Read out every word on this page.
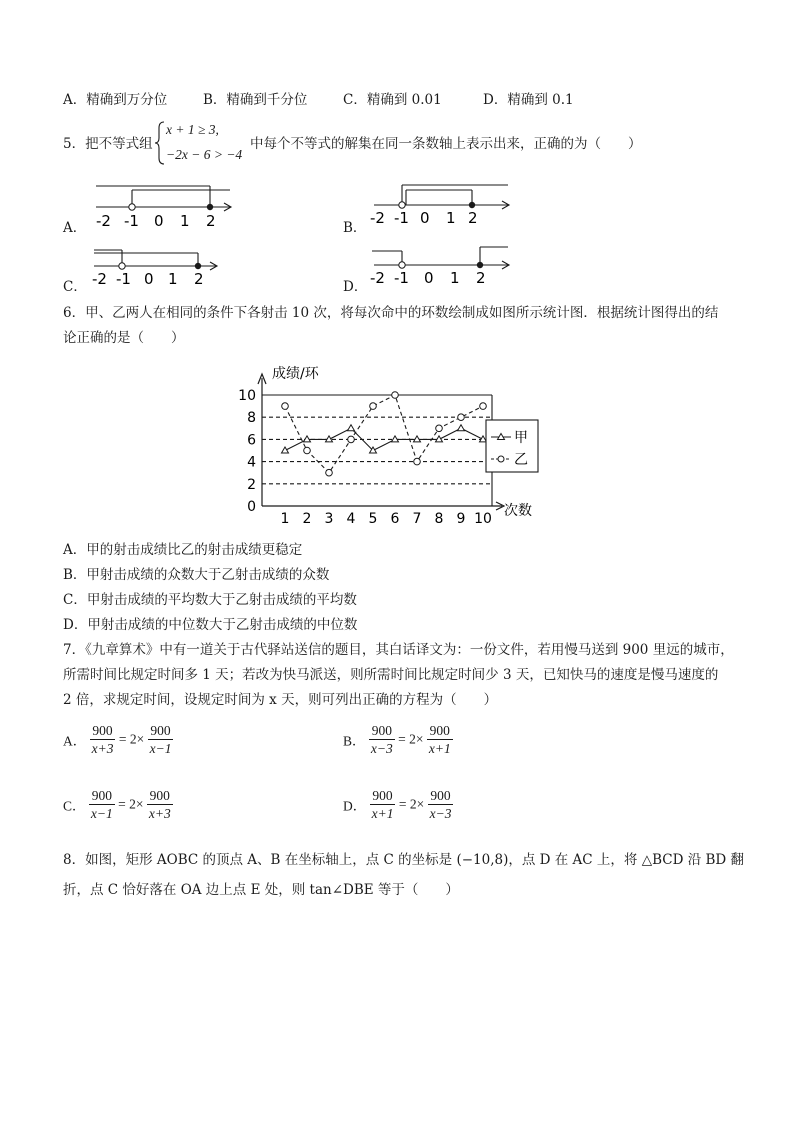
A．精确到万分位	B．精确到千分位	C．精确到 0.01	D．精确到 0.1
5．把不等式组
x + 1 ≥ 3,
−2x − 6 > −4
中每个不等式的解集在同一条数轴上表示出来，正确的为（　　）
A． -2 -1 0 1 2	B．
-2 -1 0 1 2
C． -2 -1 0 1 2	D． -2 -1 0 1 2
6．甲、乙两人在相同的条件下各射击 10 次，将每次命中的环数绘制成如图所示统计图．根据统计图得出的结
论正确的是（　　）
成绩/环
次数
0
2
4
6
8
10
1 2 3 4 5 6 7 8 9 10
甲
乙
A．甲的射击成绩比乙的射击成绩更稳定
B．甲射击成绩的众数大于乙射击成绩的众数
C．甲射击成绩的平均数大于乙射击成绩的平均数
D．甲射击成绩的中位数大于乙射击成绩的中位数
7．《九章算术》中有一道关于古代驿站送信的题目，其白话译文为：一份文件，若用慢马送到 900 里远的城市，
所需时间比规定时间多 1 天；若改为快马派送，则所需时间比规定时间少 3 天，已知快马的速度是慢马速度的
2 倍，求规定时间，设规定时间为 x 天，则可列出正确的方程为（　　）
A． $\frac{900}{x+3} = 2\times \frac{900}{x-1}$	B． $\frac{900}{x-3} = 2\times \frac{900}{x+1}$
C． $\frac{900}{x-1} = 2\times \frac{900}{x+3}$	D． $\frac{900}{x+1} = 2\times \frac{900}{x-3}$
8．如图，矩形 AOBC 的顶点 A、B 在坐标轴上，点 C 的坐标是 (−10,8)，点 D 在 AC 上，将 △BCD 沿 BD 翻
折，点 C 恰好落在 OA 边上点 E 处，则 tan∠DBE 等于（　　）
